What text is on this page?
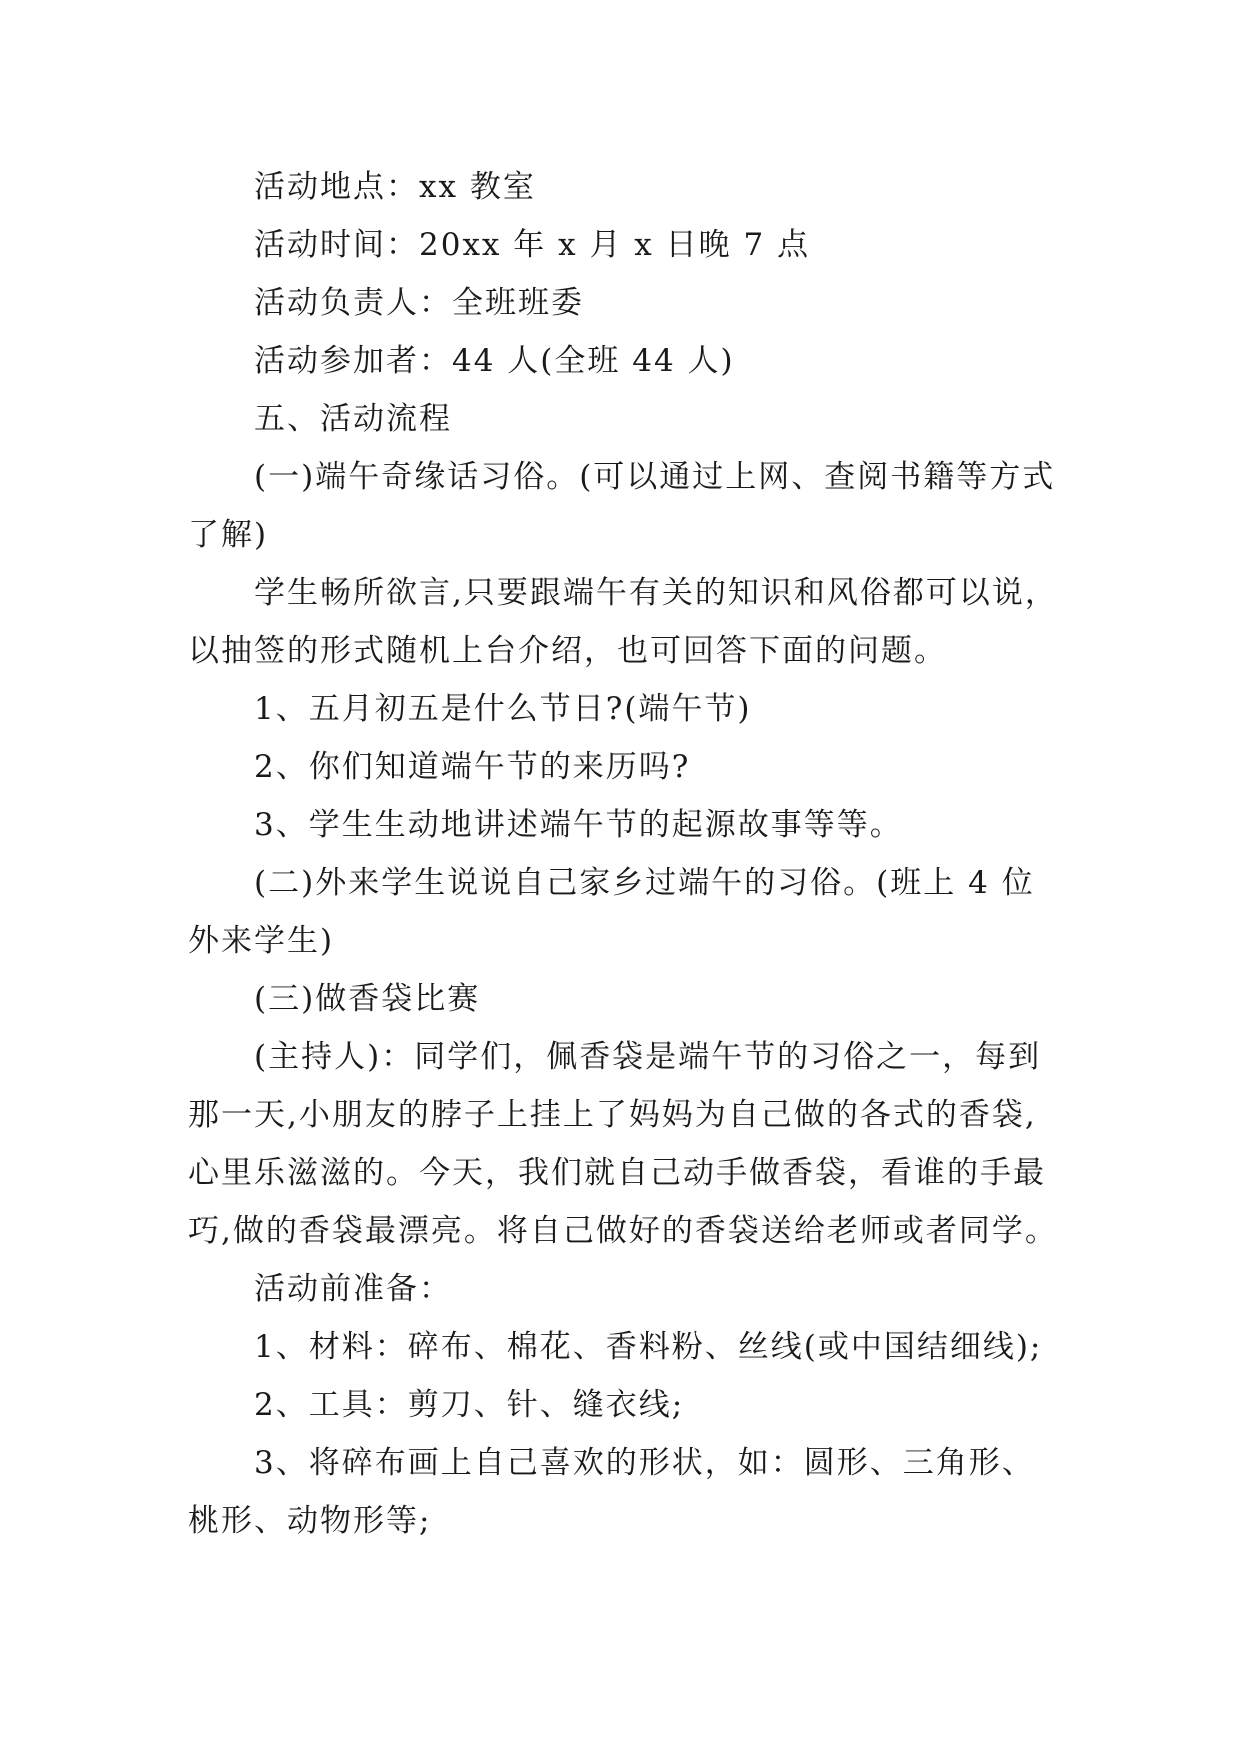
活动地点：xx 教室

活动时间：20xx 年 x 月 x 日晚 7 点

活动负责人：全班班委

活动参加者：44 人(全班 44 人)

五、活动流程

(一)端午奇缘话习俗。(可以通过上网、查阅书籍等方式了解)

学生畅所欲言,只要跟端午有关的知识和风俗都可以说，以抽签的形式随机上台介绍，也可回答下面的问题。

1、五月初五是什么节日?(端午节)

2、你们知道端午节的来历吗?

3、学生生动地讲述端午节的起源故事等等。

(二)外来学生说说自己家乡过端午的习俗。(班上 4 位外来学生)

(三)做香袋比赛

(主持人)：同学们，佩香袋是端午节的习俗之一，每到那一天,小朋友的脖子上挂上了妈妈为自己做的各式的香袋,心里乐滋滋的。今天，我们就自己动手做香袋，看谁的手最巧,做的香袋最漂亮。将自己做好的香袋送给老师或者同学。

活动前准备：

1、材料：碎布、棉花、香料粉、丝线(或中国结细线);

2、工具：剪刀、针、缝衣线;

3、将碎布画上自己喜欢的形状，如：圆形、三角形、桃形、动物形等;
